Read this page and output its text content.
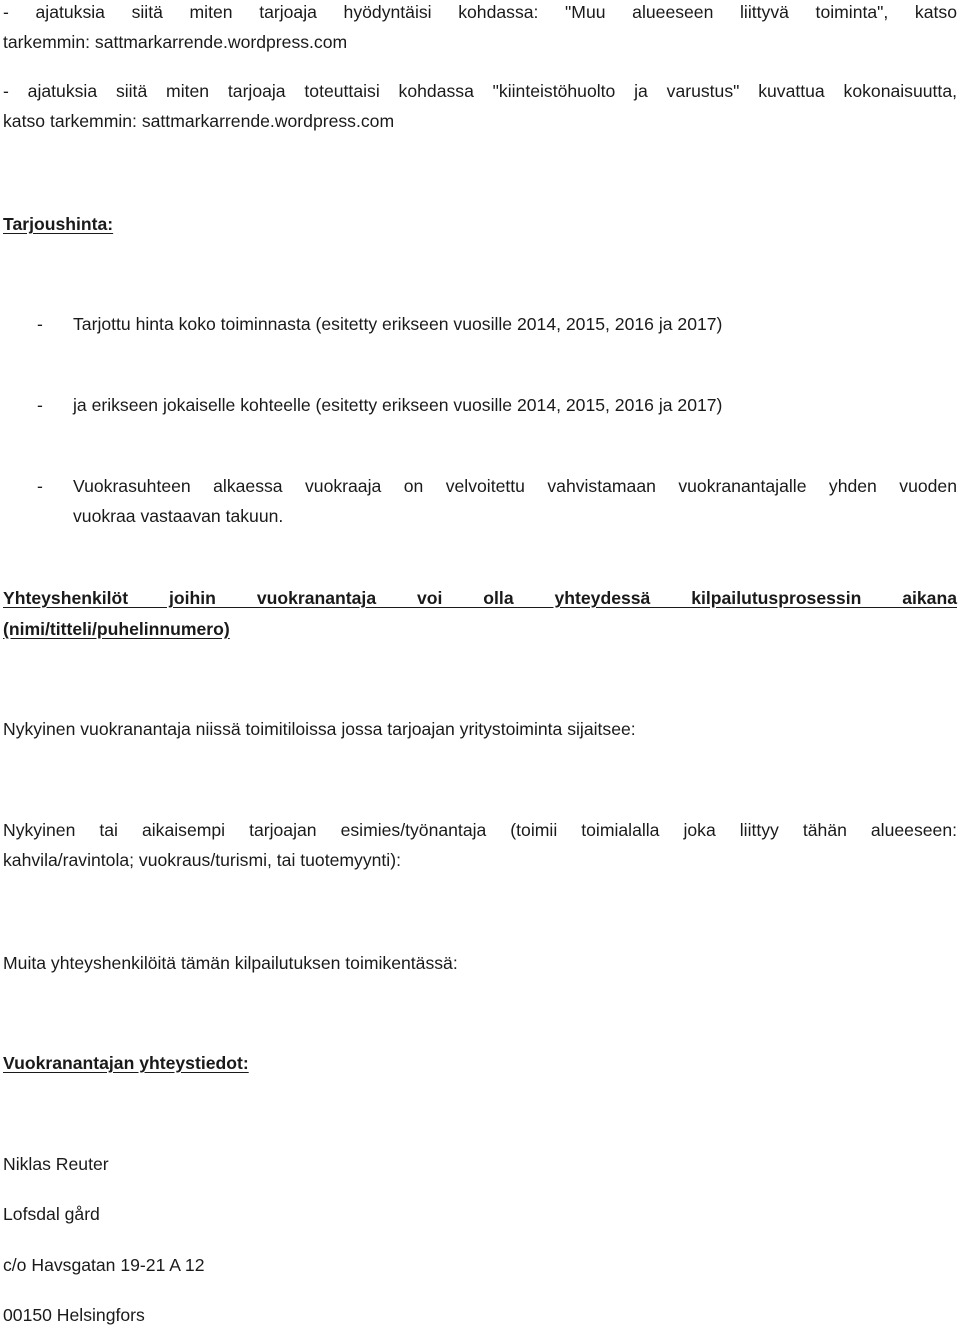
- ajatuksia siitä miten tarjoaja hyödyntäisi kohdassa: "Muu alueeseen liittyvä toiminta", katso
tarkemmin: sattmarkarrende.wordpress.com
- ajatuksia siitä miten tarjoaja toteuttaisi kohdassa "kiinteistöhuolto ja varustus" kuvattua kokonaisuutta,
katso tarkemmin: sattmarkarrende.wordpress.com
Tarjoushinta:
- Tarjottu hinta koko toiminnasta (esitetty erikseen vuosille 2014, 2015, 2016 ja 2017)
- ja erikseen jokaiselle kohteelle (esitetty erikseen vuosille 2014, 2015, 2016 ja 2017)
- Vuokrasuhteen alkaessa vuokraaja on velvoitettu vahvistamaan vuokranantajalle yhden vuoden
vuokraa vastaavan takuun.
Yhteyshenkilöt joihin vuokranantaja voi olla yhteydessä kilpailutusprosessin aikana
(nimi/titteli/puhelinnumero)
Nykyinen vuokranantaja niissä toimitiloissa jossa tarjoajan yritystoiminta sijaitsee:
Nykyinen tai aikaisempi tarjoajan esimies/työnantaja (toimii toimialalla joka liittyy tähän alueeseen:
kahvila/ravintola; vuokraus/turismi, tai tuotemyynti):
Muita yhteyshenkilöitä tämän kilpailutuksen toimikentässä:
Vuokranantajan yhteystiedot:
Niklas Reuter
Lofsdal gård
c/o Havsgatan 19-21 A 12
00150 Helsingfors
